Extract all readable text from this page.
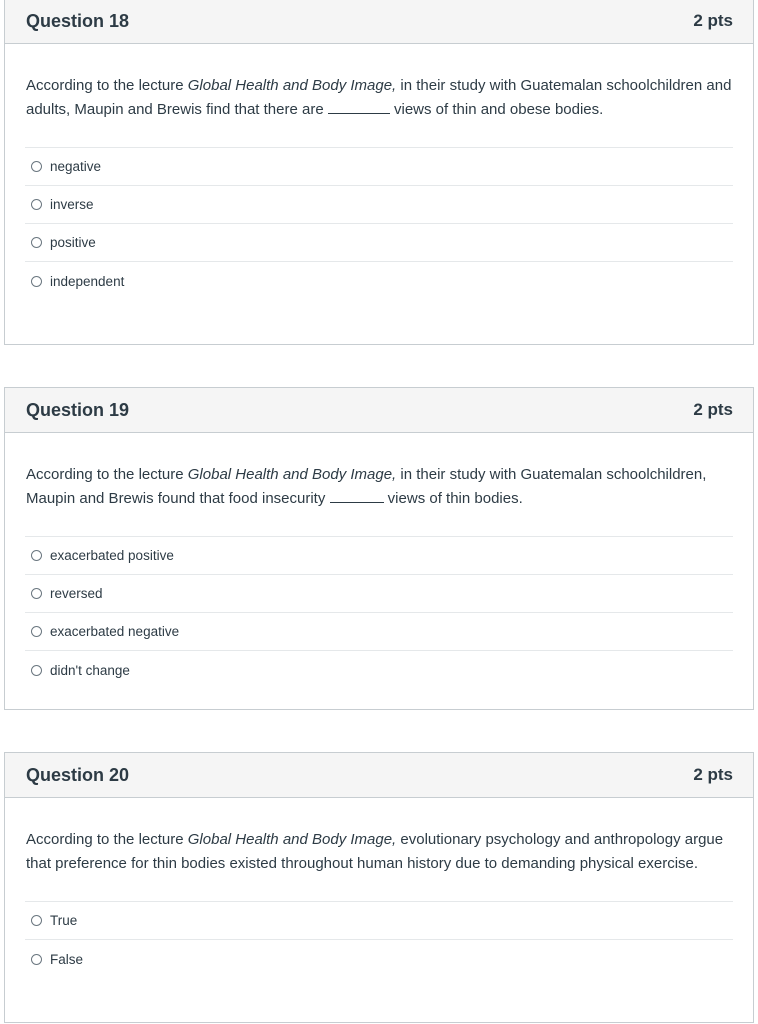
Question 18	2 pts
According to the lecture Global Health and Body Image, in their study with Guatemalan schoolchildren and adults, Maupin and Brewis find that there are	views of thin and obese bodies.
negative
inverse
positive
independent
Question 19	2 pts
According to the lecture Global Health and Body Image, in their study with Guatemalan schoolchildren, Maupin and Brewis found that food insecurity	views of thin bodies.
exacerbated positive
reversed
exacerbated negative
didn't change
Question 20	2 pts
According to the lecture Global Health and Body Image, evolutionary psychology and anthropology argue that preference for thin bodies existed throughout human history due to demanding physical exercise.
True
False
